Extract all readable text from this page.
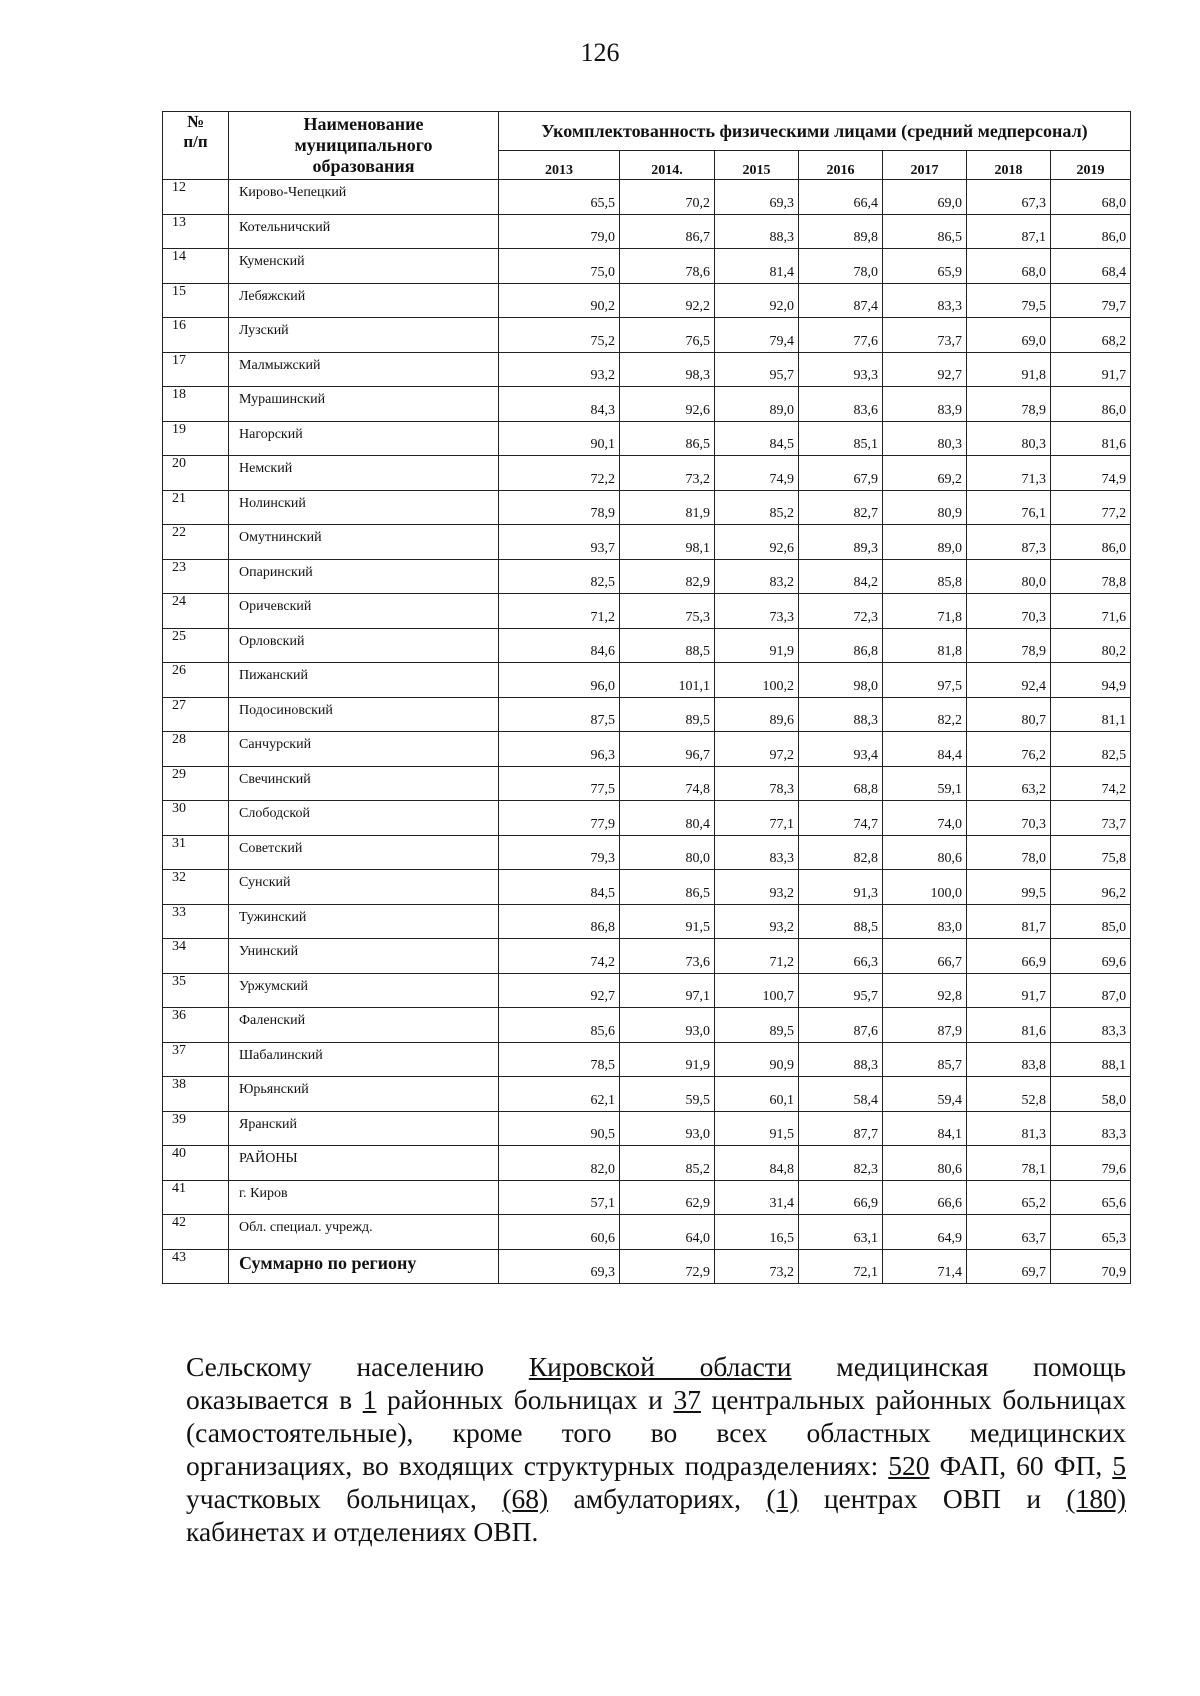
126
№
п/п	Наименование
муниципального
образования	Укомплектованность физическими лицами (средний медперсонал)						
		2013	2014.	2015	2016	2017	2018	2019
12	Кирово-Чепецкий	65,5	70,2	69,3	66,4	69,0	67,3	68,0
13	Котельничский	79,0	86,7	88,3	89,8	86,5	87,1	86,0
14	Куменский	75,0	78,6	81,4	78,0	65,9	68,0	68,4
15	Лебяжский	90,2	92,2	92,0	87,4	83,3	79,5	79,7
16	Лузский	75,2	76,5	79,4	77,6	73,7	69,0	68,2
17	Малмыжский	93,2	98,3	95,7	93,3	92,7	91,8	91,7
18	Мурашинский	84,3	92,6	89,0	83,6	83,9	78,9	86,0
19	Нагорский	90,1	86,5	84,5	85,1	80,3	80,3	81,6
20	Немский	72,2	73,2	74,9	67,9	69,2	71,3	74,9
21	Нолинский	78,9	81,9	85,2	82,7	80,9	76,1	77,2
22	Омутнинский	93,7	98,1	92,6	89,3	89,0	87,3	86,0
23	Опаринский	82,5	82,9	83,2	84,2	85,8	80,0	78,8
24	Оричевский	71,2	75,3	73,3	72,3	71,8	70,3	71,6
25	Орловский	84,6	88,5	91,9	86,8	81,8	78,9	80,2
26	Пижанский	96,0	101,1	100,2	98,0	97,5	92,4	94,9
27	Подосиновский	87,5	89,5	89,6	88,3	82,2	80,7	81,1
28	Санчурский	96,3	96,7	97,2	93,4	84,4	76,2	82,5
29	Свечинский	77,5	74,8	78,3	68,8	59,1	63,2	74,2
30	Слободской	77,9	80,4	77,1	74,7	74,0	70,3	73,7
31	Советский	79,3	80,0	83,3	82,8	80,6	78,0	75,8
32	Сунский	84,5	86,5	93,2	91,3	100,0	99,5	96,2
33	Тужинский	86,8	91,5	93,2	88,5	83,0	81,7	85,0
34	Унинский	74,2	73,6	71,2	66,3	66,7	66,9	69,6
35	Уржумский	92,7	97,1	100,7	95,7	92,8	91,7	87,0
36	Фаленский	85,6	93,0	89,5	87,6	87,9	81,6	83,3
37	Шабалинский	78,5	91,9	90,9	88,3	85,7	83,8	88,1
38	Юрьянский	62,1	59,5	60,1	58,4	59,4	52,8	58,0
39	Яранский	90,5	93,0	91,5	87,7	84,1	81,3	83,3
40	РАЙОНЫ	82,0	85,2	84,8	82,3	80,6	78,1	79,6
41	г. Киров	57,1	62,9	31,4	66,9	66,6	65,2	65,6
42	Обл. специал. учрежд.	60,6	64,0	16,5	63,1	64,9	63,7	65,3
43	Суммарно по региону	69,3	72,9	73,2	72,1	71,4	69,7	70,9
Сельскому населению Кировской области медицинская помощь
оказывается в 1 районных больницах и 37 центральных районных больницах
(самостоятельные), кроме того во всех областных медицинских
организациях, во входящих структурных подразделениях: 520 ФАП, 60 ФП, 5
участковых больницах, (68) амбулаториях, (1) центрах ОВП и (180)
кабинетах и отделениях ОВП.
